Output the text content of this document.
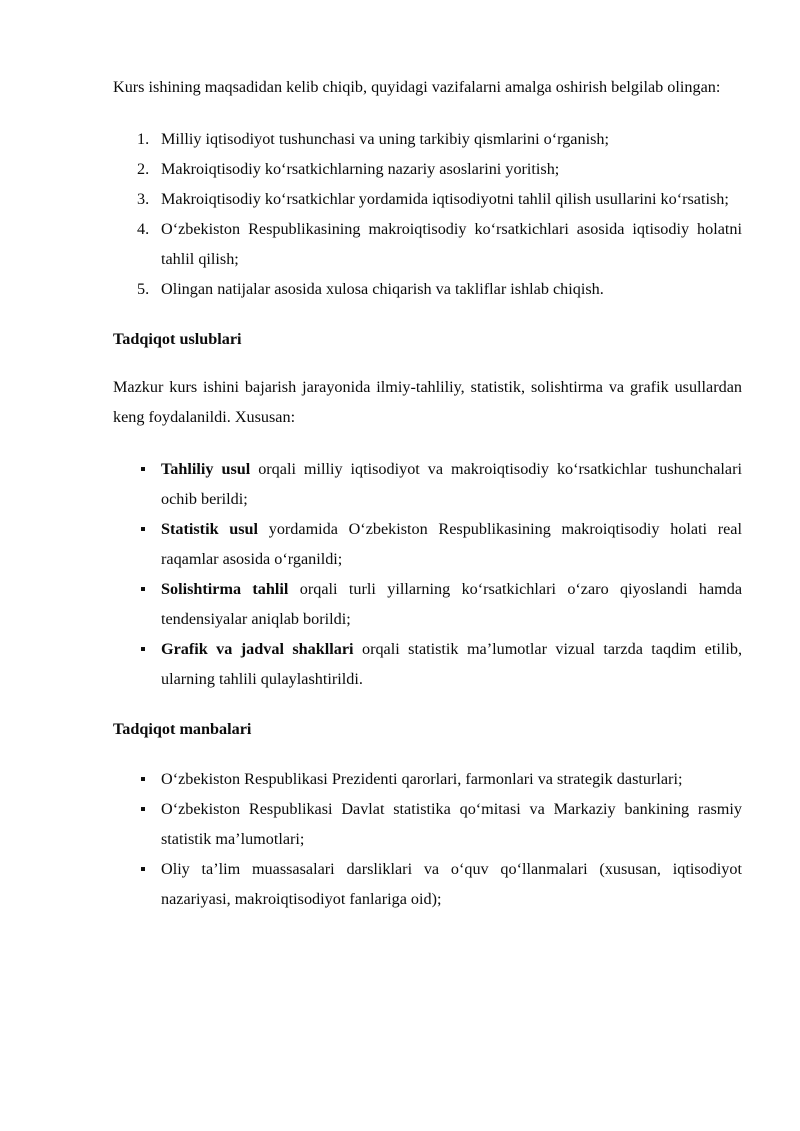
Kurs ishining maqsadidan kelib chiqib, quyidagi vazifalarni amalga oshirish belgilab olingan:

1. Milliy iqtisodiyot tushunchasi va uning tarkibiy qismlarini oʻrganish;
2. Makroiqtisodiy koʻrsatkichlarning nazariy asoslarini yoritish;
3. Makroiqtisodiy koʻrsatkichlar yordamida iqtisodiyotni tahlil qilish usullarini koʻrsatish;
4. Oʻzbekiston Respublikasining makroiqtisodiy koʻrsatkichlari asosida iqtisodiy holatni tahlil qilish;
5. Olingan natijalar asosida xulosa chiqarish va takliflar ishlab chiqish.

Tadqiqot uslublari

Mazkur kurs ishini bajarish jarayonida ilmiy-tahliliy, statistik, solishtirma va grafik usullardan keng foydalanildi. Xususan:

Tahliliy usul orqali milliy iqtisodiyot va makroiqtisodiy koʻrsatkichlar tushunchalari ochib berildi;
Statistik usul yordamida Oʻzbekiston Respublikasining makroiqtisodiy holati real raqamlar asosida oʻrganildi;
Solishtirma tahlil orqali turli yillarning koʻrsatkichlari oʻzaro qiyoslandi hamda tendensiyalar aniqlab borildi;
Grafik va jadval shakllari orqali statistik maʼlumotlar vizual tarzda taqdim etilib, ularning tahlili qulaylashtirildi.

Tadqiqot manbalari

Oʻzbekiston Respublikasi Prezidenti qarorlari, farmonlari va strategik dasturlari;
Oʻzbekiston Respublikasi Davlat statistika qoʻmitasi va Markaziy bankining rasmiy statistik maʼlumotlari;
Oliy taʼlim muassasalari darsliklari va oʻquv qoʻllanmalari (xususan, iqtisodiyot nazariyasi, makroiqtisodiyot fanlariga oid);
